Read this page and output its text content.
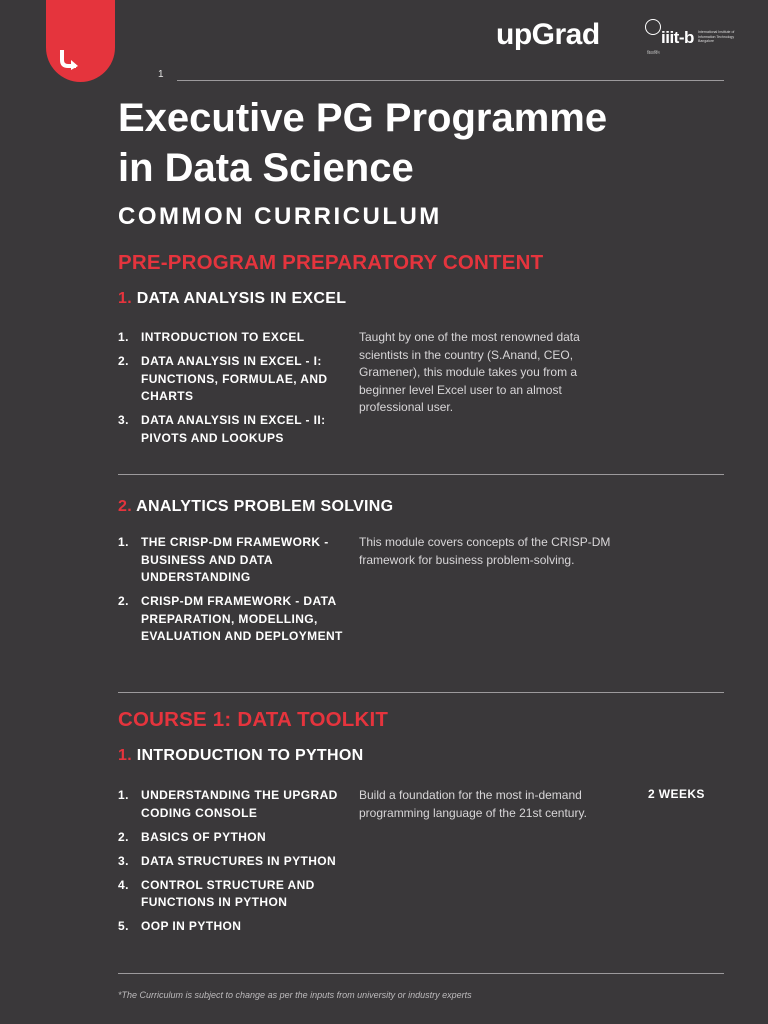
1
upGrad	iiit-b International Institute of Information Technology Bangalore
विद्यार्थिन
Executive PG Programme
in Data Science
COMMON CURRICULUM
PRE-PROGRAM PREPARATORY CONTENT
1. DATA ANALYSIS IN EXCEL
1. INTRODUCTION TO EXCEL
2. DATA ANALYSIS IN EXCEL - I: FUNCTIONS, FORMULAE, AND CHARTS
3. DATA ANALYSIS IN EXCEL - II: PIVOTS AND LOOKUPS
Taught by one of the most renowned data scientists in the country (S.Anand, CEO, Gramener), this module takes you from a beginner level Excel user to an almost professional user.
2. ANALYTICS PROBLEM SOLVING
1. THE CRISP-DM FRAMEWORK - BUSINESS AND DATA UNDERSTANDING
2. CRISP-DM FRAMEWORK - DATA PREPARATION, MODELLING, EVALUATION AND DEPLOYMENT
This module covers concepts of the CRISP-DM framework for business problem-solving.
COURSE 1: DATA TOOLKIT
1. INTRODUCTION TO PYTHON
1. UNDERSTANDING THE UPGRAD CODING CONSOLE
2. BASICS OF PYTHON
3. DATA STRUCTURES IN PYTHON
4. CONTROL STRUCTURE AND FUNCTIONS IN PYTHON
5. OOP IN PYTHON
Build a foundation for the most in-demand programming language of the 21st century.
2 WEEKS
*The Curriculum is subject to change as per the inputs from university or industry experts
